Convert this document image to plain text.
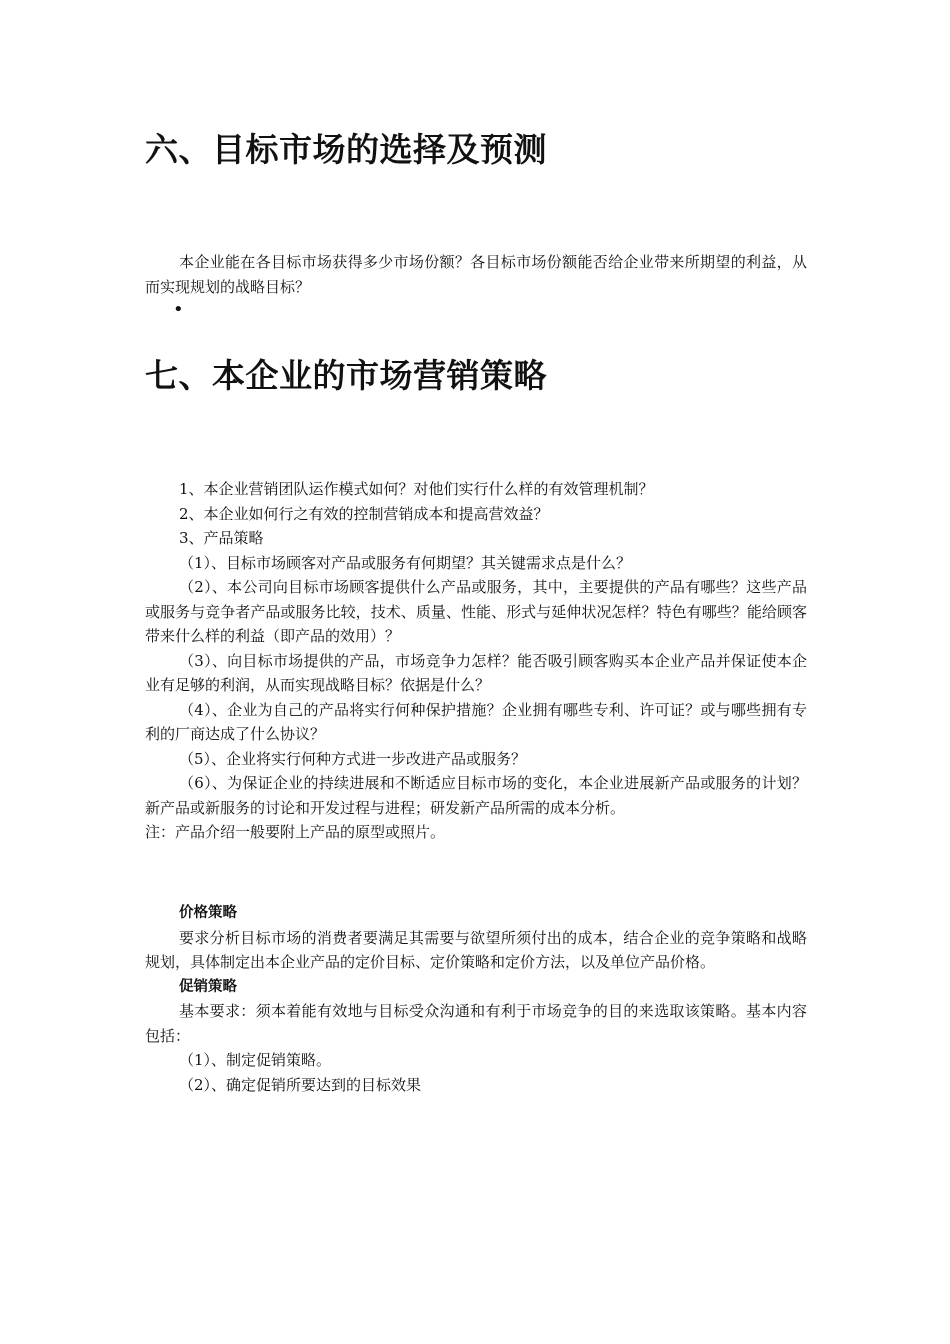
六、目标市场的选择及预测

本企业能在各目标市场获得多少市场份额？各目标市场份额能否给企业带来所期望的利益，从而实现规划的战略目标？

•
七、本企业的市场营销策略

1、本企业营销团队运作模式如何？对他们实行什么样的有效管理机制？

2、本企业如何行之有效的控制营销成本和提高营效益？

3、产品策略

（1）、目标市场顾客对产品或服务有何期望？其关键需求点是什么？

（2）、本公司向目标市场顾客提供什么产品或服务，其中，主要提供的产品有哪些？这些产品或服务与竞争者产品或服务比较，技术、质量、性能、形式与延伸状况怎样？特色有哪些？能给顾客带来什么样的利益（即产品的效用）？

（3）、向目标市场提供的产品，市场竞争力怎样？能否吸引顾客购买本企业产品并保证使本企业有足够的利润，从而实现战略目标？依据是什么？

（4）、企业为自己的产品将实行何种保护措施？企业拥有哪些专利、许可证？或与哪些拥有专利的厂商达成了什么协议？

（5）、企业将实行何种方式进一步改进产品或服务？

（6）、为保证企业的持续进展和不断适应目标市场的变化，本企业进展新产品或服务的计划？新产品或新服务的讨论和开发过程与进程；研发新产品所需的成本分析。

注：产品介绍一般要附上产品的原型或照片。

价格策略

要求分析目标市场的消费者要满足其需要与欲望所须付出的成本，结合企业的竞争策略和战略规划，具体制定出本企业产品的定价目标、定价策略和定价方法，以及单位产品价格。

促销策略

基本要求：须本着能有效地与目标受众沟通和有利于市场竞争的目的来选取该策略。基本内容包括：

（1）、制定促销策略。

（2）、确定促销所要达到的目标效果
